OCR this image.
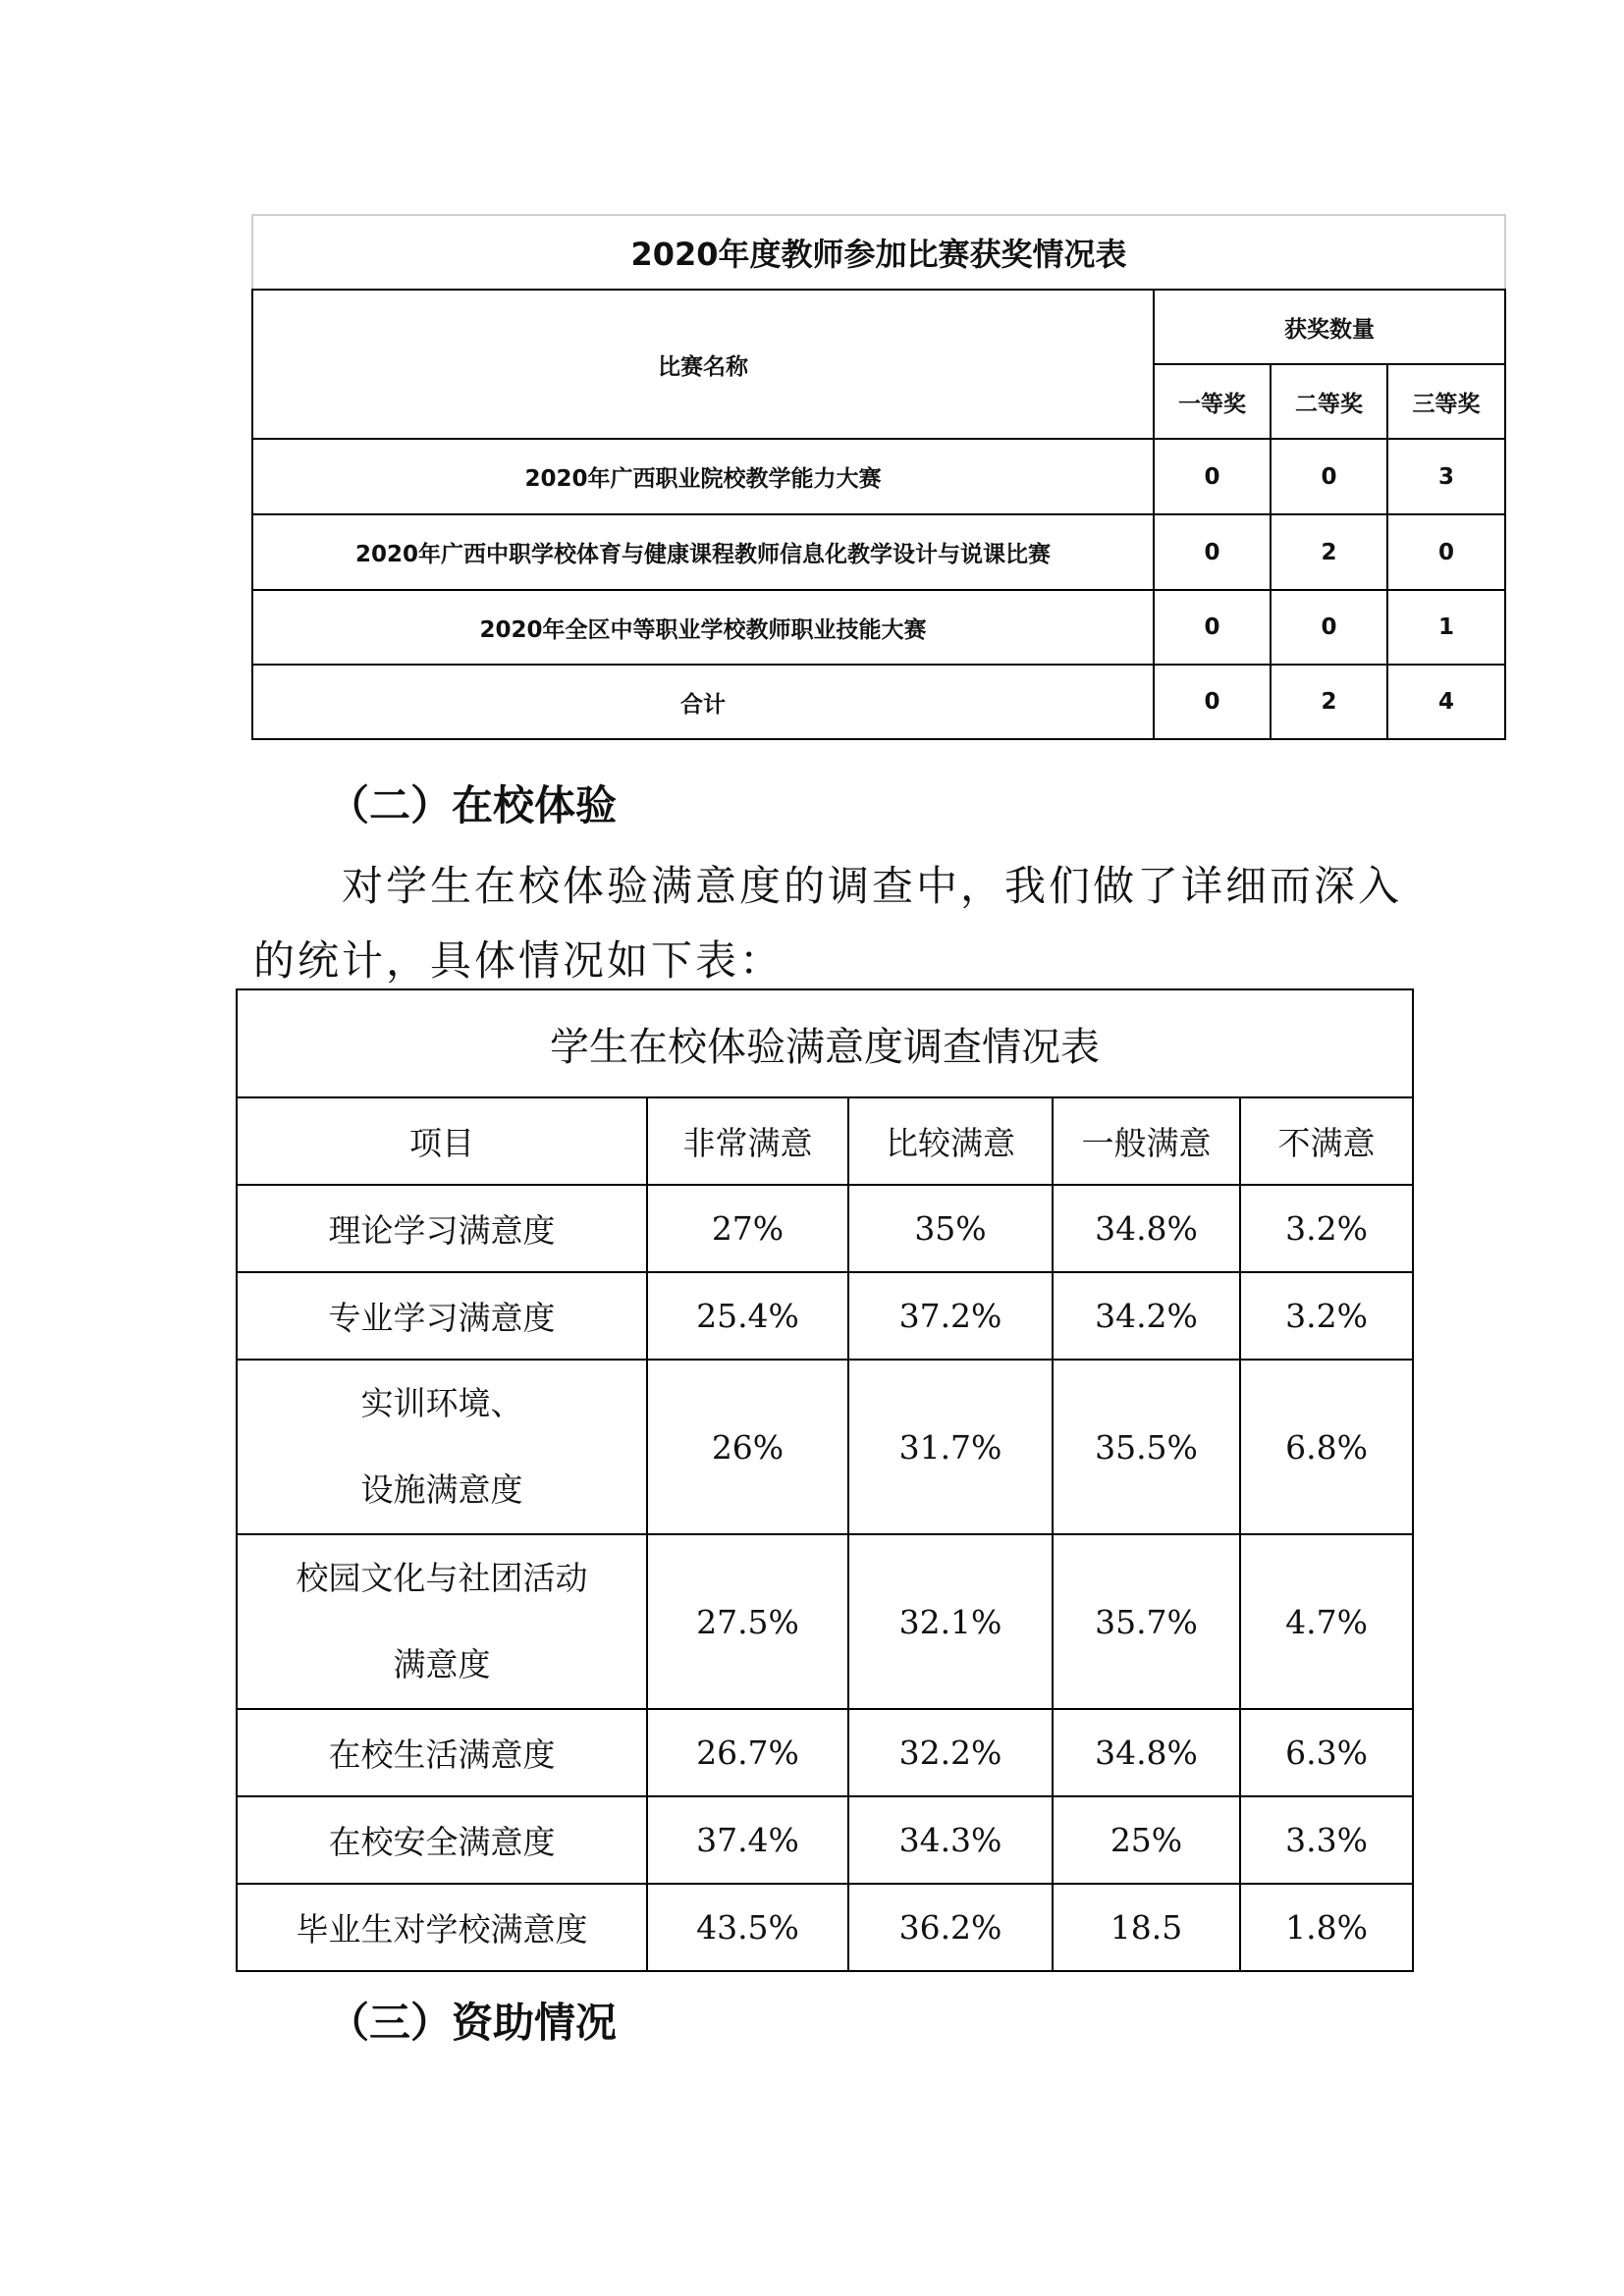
2020年度教师参加比赛获奖情况表			
比赛名称	获奖数量		
	一等奖	二等奖	三等奖
2020年广西职业院校教学能力大赛	0	0	3
2020年广西中职学校体育与健康课程教师信息化教学设计与说课比赛	0	2	0
2020年全区中等职业学校教师职业技能大赛	0	0	1
合计	0	2	4
（二）在校体验
对学生在校体验满意度的调查中，我们做了详细而深入
的统计，具体情况如下表：
学生在校体验满意度调查情况表				
项目	非常满意	比较满意	一般满意	不满意
理论学习满意度	27%	35%	34.8%	3.2%
专业学习满意度	25.4%	37.2%	34.2%	3.2%

实训环境、
设施满意度	26%	31.7%	35.5%	6.8%

校园文化与社团活动
满意度	27.5%	32.1%	35.7%	4.7%
在校生活满意度	26.7%	32.2%	34.8%	6.3%
在校安全满意度	37.4%	34.3%	25%	3.3%
毕业生对学校满意度	43.5%	36.2%	18.5	1.8%
（三）资助情况
